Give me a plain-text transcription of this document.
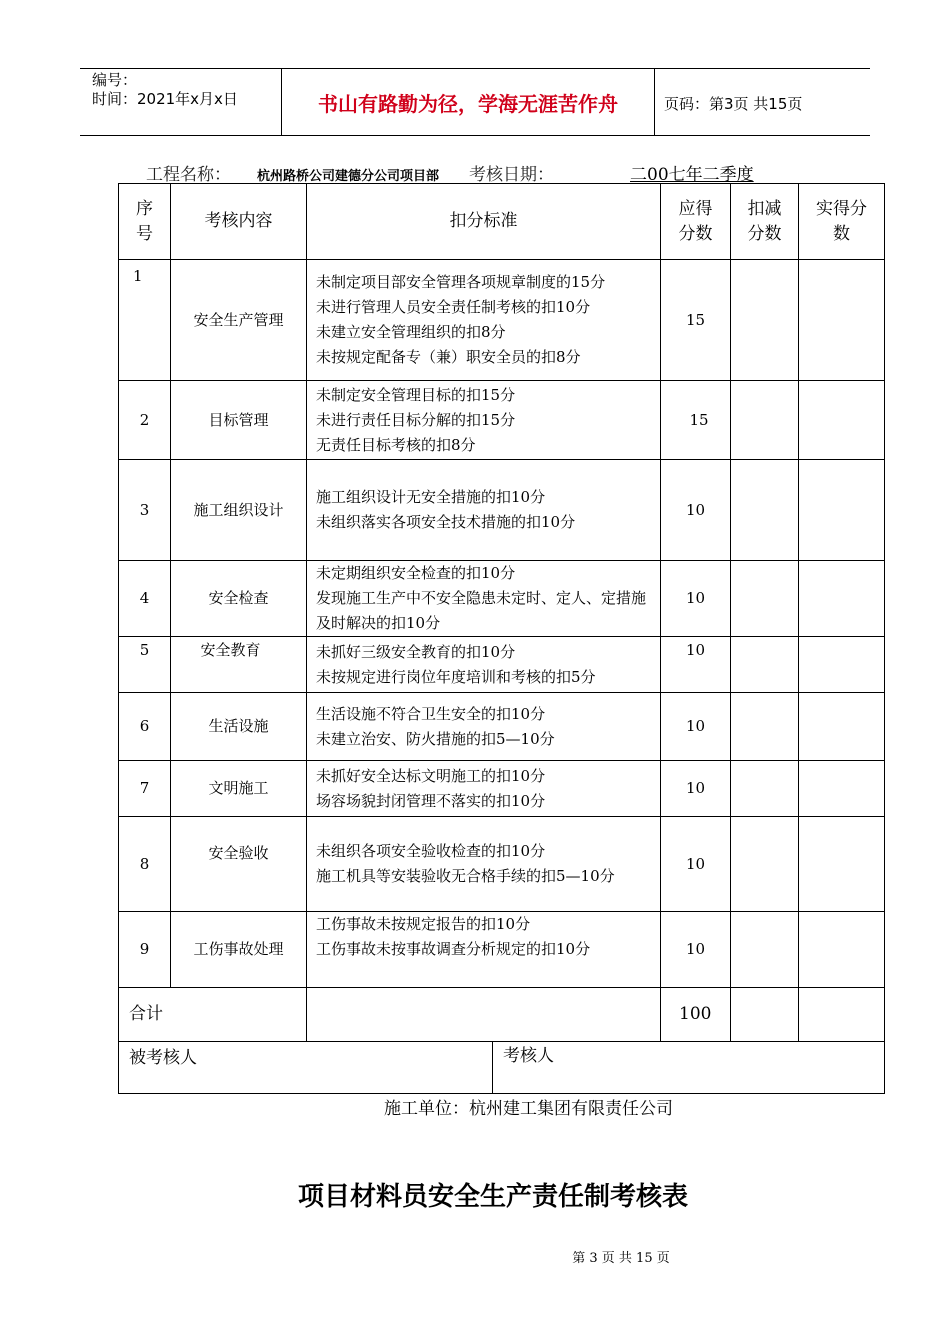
编号：
时间：2021年x月x日	书山有路勤为径，学海无涯苦作舟	页码：第3页 共15页
工程名称： 杭州路桥公司建德分公司项目部 考核日期：	二00七年二季度
序号	考核内容	扣分标准	应得分数	扣减分数	实得分数

1	安全生产管理	未制定项目部安全管理各项规章制度的15分
未进行管理人员安全责任制考核的扣10分
未建立安全管理组织的扣8分
未按规定配备专（兼）职安全员的扣8分	15		
2	目标管理	未制定安全管理目标的扣15分
未进行责任目标分解的扣15分
无责任目标考核的扣8分	15		

3	施工组织设计	施工组织设计无安全措施的扣10分
未组织落实各项安全技术措施的扣10分	10		
4	安全检查	未定期组织安全检查的扣10分
发现施工生产中不安全隐患未定时、定人、定措施及时解决的扣10分	10		
5	安全教育	未抓好三级安全教育的扣10分
未按规定进行岗位年度培训和考核的扣5分	10		
6	生活设施	生活设施不符合卫生安全的扣10分
未建立治安、防火措施的扣5—10分	10		
7	文明施工	未抓好安全达标文明施工的扣10分
场容场貌封闭管理不落实的扣10分	10		
8	安全验收	未组织各项安全验收检查的扣10分
施工机具等安装验收无合格手续的扣5—10分	10		
9	工伤事故处理	工伤事故未按规定报告的扣10分
工伤事故未按事故调查分析规定的扣10分	10		
合计			100		

被考核人 考核人					

施工单位：杭州建工集团有限责任公司
项目材料员安全生产责任制考核表
第 3 页 共 15 页
